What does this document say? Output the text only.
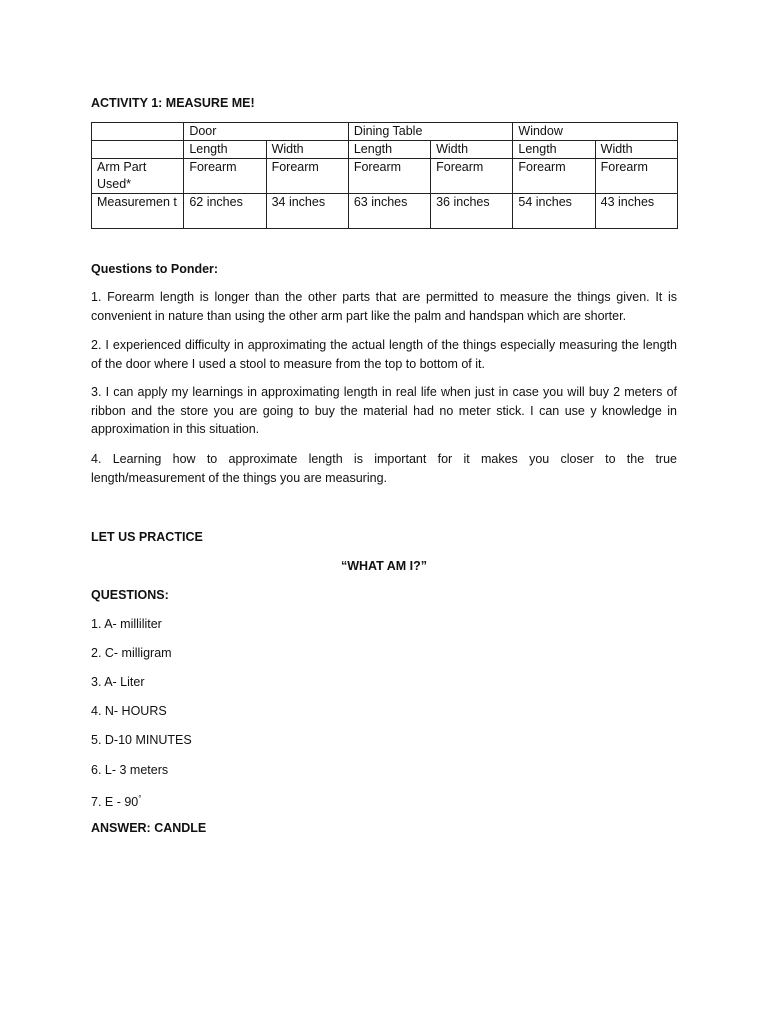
ACTIVITY 1: MEASURE ME!
	Door		Dining Table		Window	
	Length	Width	Length	Width	Length	Width
Arm Part Used*	Forearm	Forearm	Forearm	Forearm	Forearm	Forearm
Measuremen t	62 inches	34 inches	63 inches	36 inches	54 inches	43 inches
Questions to Ponder:
1. Forearm length is longer than the other parts that are permitted to measure the things given. It is convenient in nature than using the other arm part like the palm and handspan which are shorter.
2. I experienced difficulty in approximating the actual length of the things especially measuring the length of the door where I used a stool to measure from the top to bottom of it.
3. I can apply my learnings in approximating length in real life when just in case you will buy 2 meters of ribbon and the store you are going to buy the material had no meter stick. I can use y knowledge in approximation in this situation.
4. Learning how to approximate length is important for it makes you closer to the true length/measurement of the things you are measuring.
LET US PRACTICE
“WHAT AM I?”
QUESTIONS:
1. A- milliliter
2. C- milligram
3. A- Liter
4. N- HOURS
5. D-10 MINUTES
6. L- 3 meters
7. E - 90°
ANSWER: CANDLE
